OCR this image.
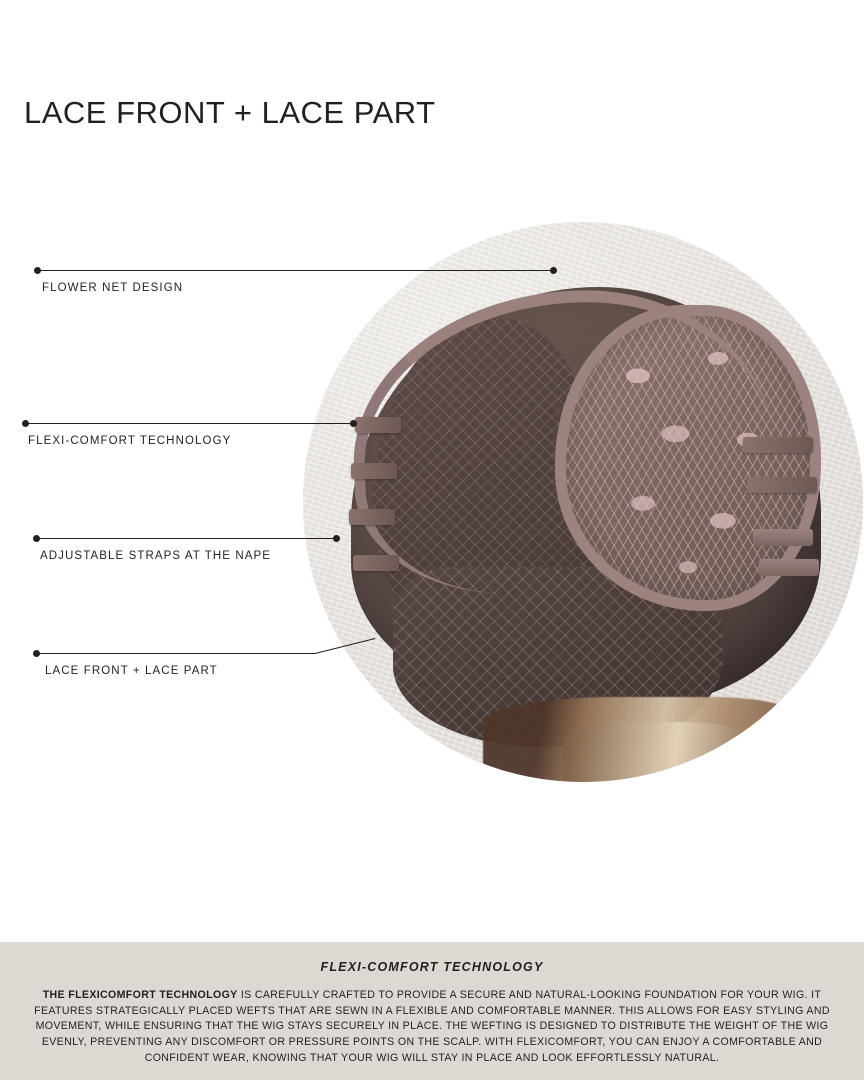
LACE FRONT + LACE PART
FLOWER NET DESIGN
FLEXI-COMFORT TECHNOLOGY
ADJUSTABLE STRAPS AT THE NAPE
LACE FRONT + LACE PART
FLEXI-COMFORT TECHNOLOGY
THE FLEXICOMFORT TECHNOLOGY IS CAREFULLY CRAFTED TO PROVIDE A SECURE AND NATURAL-LOOKING FOUNDATION FOR YOUR WIG. IT FEATURES STRATEGICALLY PLACED WEFTS THAT ARE SEWN IN A FLEXIBLE AND COMFORTABLE MANNER. THIS ALLOWS FOR EASY STYLING AND MOVEMENT, WHILE ENSURING THAT THE WIG STAYS SECURELY IN PLACE. THE WEFTING IS DESIGNED TO DISTRIBUTE THE WEIGHT OF THE WIG EVENLY, PREVENTING ANY DISCOMFORT OR PRESSURE POINTS ON THE SCALP. WITH FLEXICOMFORT, YOU CAN ENJOY A COMFORTABLE AND CONFIDENT WEAR, KNOWING THAT YOUR WIG WILL STAY IN PLACE AND LOOK EFFORTLESSLY NATURAL.
